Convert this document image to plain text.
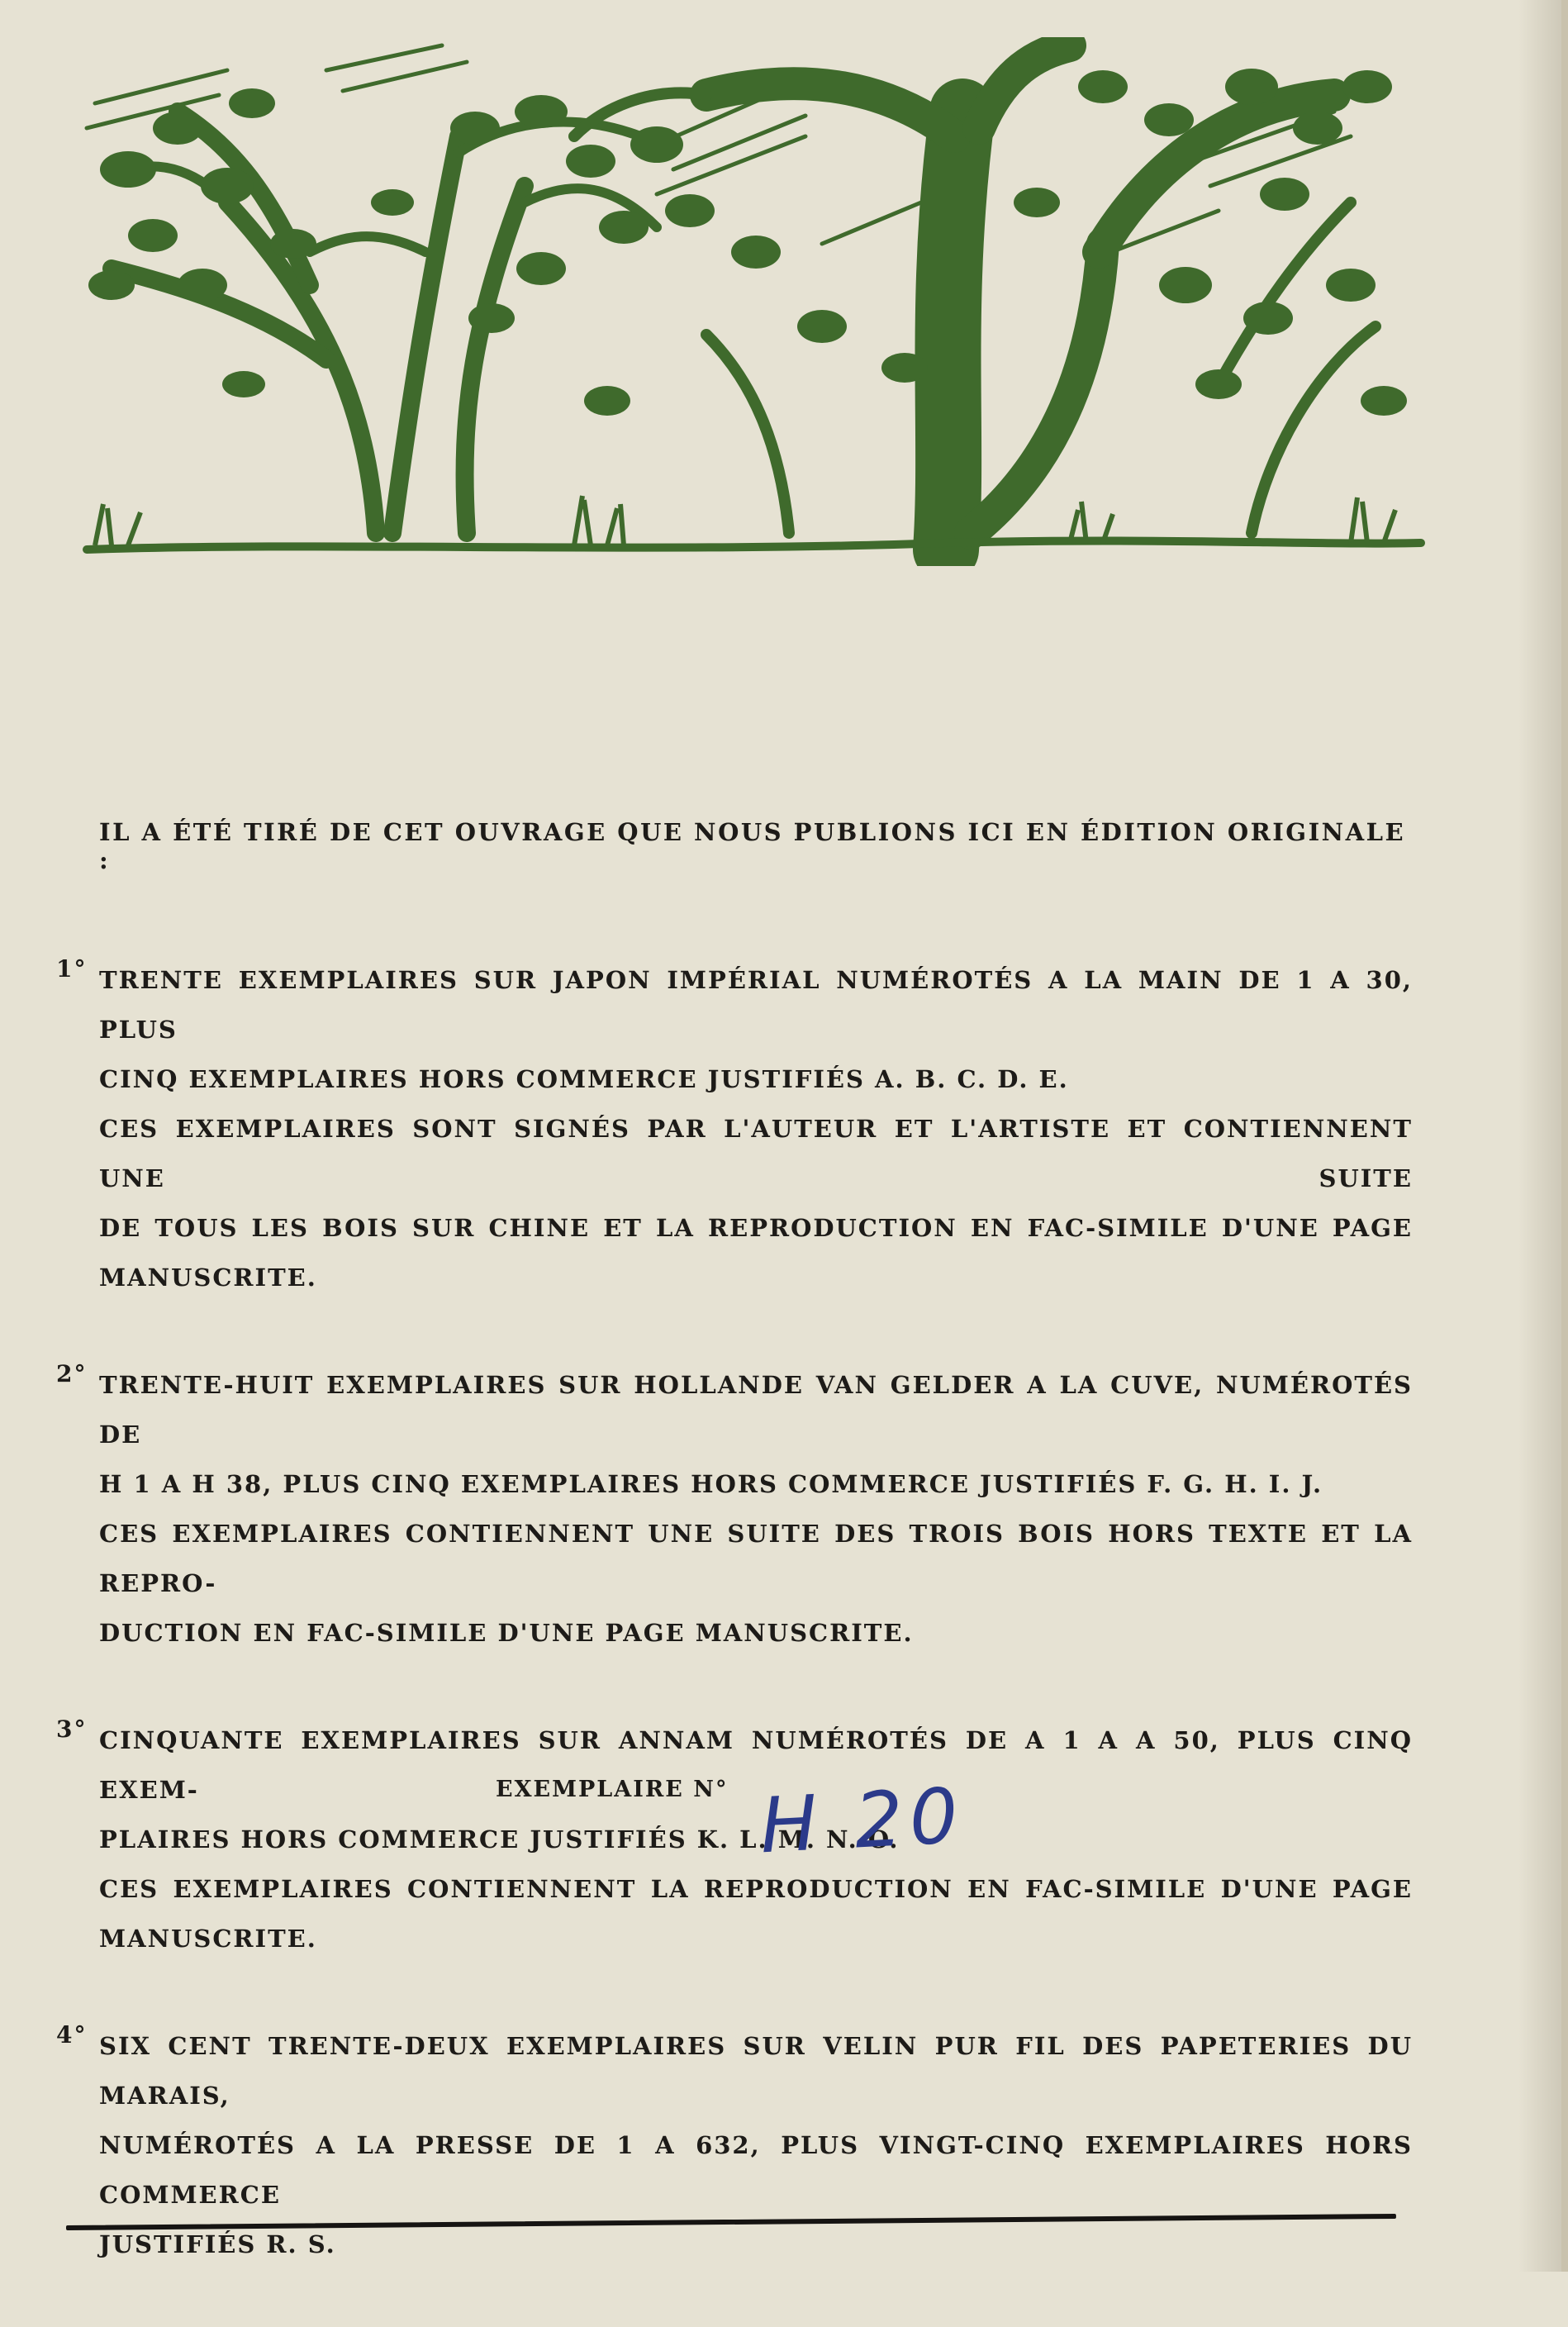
IL A ÉTÉ TIRÉ DE CET OUVRAGE QUE NOUS PUBLIONS ICI EN ÉDITION ORIGINALE :
1° TRENTE EXEMPLAIRES SUR JAPON IMPÉRIAL NUMÉROTÉS A LA MAIN DE 1 A 30, PLUS
CINQ EXEMPLAIRES HORS COMMERCE JUSTIFIÉS A. B. C. D. E.
CES EXEMPLAIRES SONT SIGNÉS PAR L'AUTEUR ET L'ARTISTE ET CONTIENNENT UNE SUITE
DE TOUS LES BOIS SUR CHINE ET LA REPRODUCTION EN FAC-SIMILE D'UNE PAGE MANUSCRITE.
2° TRENTE-HUIT EXEMPLAIRES SUR HOLLANDE VAN GELDER A LA CUVE, NUMÉROTÉS DE
H 1 A H 38, PLUS CINQ EXEMPLAIRES HORS COMMERCE JUSTIFIÉS F. G. H. I. J.
CES EXEMPLAIRES CONTIENNENT UNE SUITE DES TROIS BOIS HORS TEXTE ET LA REPRO-
DUCTION EN FAC-SIMILE D'UNE PAGE MANUSCRITE.
3° CINQUANTE EXEMPLAIRES SUR ANNAM NUMÉROTÉS DE A 1 A A 50, PLUS CINQ EXEM-
PLAIRES HORS COMMERCE JUSTIFIÉS K. L. M. N. O.
CES EXEMPLAIRES CONTIENNENT LA REPRODUCTION EN FAC-SIMILE D'UNE PAGE MANUSCRITE.
4° SIX CENT TRENTE-DEUX EXEMPLAIRES SUR VELIN PUR FIL DES PAPETERIES DU MARAIS,
NUMÉROTÉS A LA PRESSE DE 1 A 632, PLUS VINGT-CINQ EXEMPLAIRES HORS COMMERCE
JUSTIFIÉS R. S.
EXEMPLAIRE N° H 20
